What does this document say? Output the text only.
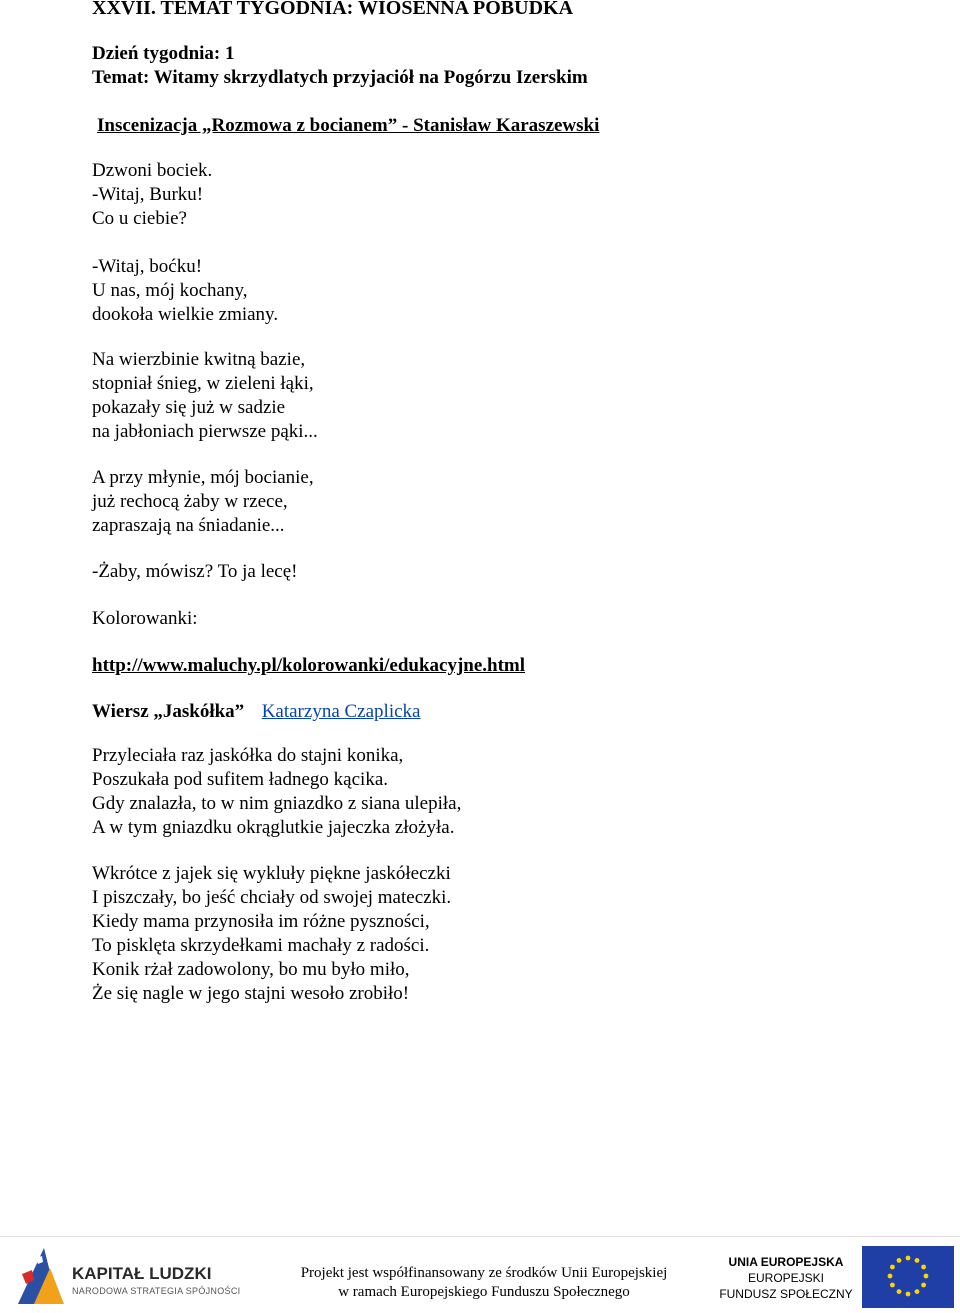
XXVII. TEMAT TYGODNIA: WIOSENNA POBUDKA
Dzień tygodnia: 1
Temat: Witamy skrzydlatych przyjaciół na Pogórzu Izerskim
Inscenizacja „Rozmowa z bocianem” - Stanisław Karaszewski
Dzwoni bociek.
-Witaj, Burku!
Co u ciebie?
-Witaj, boćku!
U nas, mój kochany,
dookoła wielkie zmiany.
Na wierzbinie kwitną bazie,
stopniał śnieg, w zieleni łąki,
pokazały się już w sadzie
na jabłoniach pierwsze pąki...
A przy młynie, mój bocianie,
już rechocą żaby w rzece,
zapraszają na śniadanie...
-Żaby, mówisz? To ja lecę!
Kolorowanki:
http://www.maluchy.pl/kolorowanki/edukacyjne.html
Wiersz „Jaskółka” Katarzyna Czaplicka
Przyleciała raz jaskółka do stajni konika,
Poszukała pod sufitem ładnego kącika.
Gdy znalazła, to w nim gniazdko z siana ulepiła,
A w tym gniazdku okrąglutkie jajeczka złożyła.
Wkrótce z jajek się wykluły piękne jaskółeczki
I piszczały, bo jeść chciały od swojej mateczki.
Kiedy mama przynosiła im różne pyszności,
To pisklęta skrzydełkami machały z radości.
Konik rżał zadowolony, bo mu było miło,
Że się nagle w jego stajni wesoło zrobiło!
KAPITAŁ LUDZKI
NARODOWA STRATEGIA SPÓJNOŚCI
Projekt jest współfinansowany ze środków Unii Europejskiej
w ramach Europejskiego Funduszu Społecznego
UNIA EUROPEJSKA
EUROPEJSKI
FUNDUSZ SPOŁECZNY
